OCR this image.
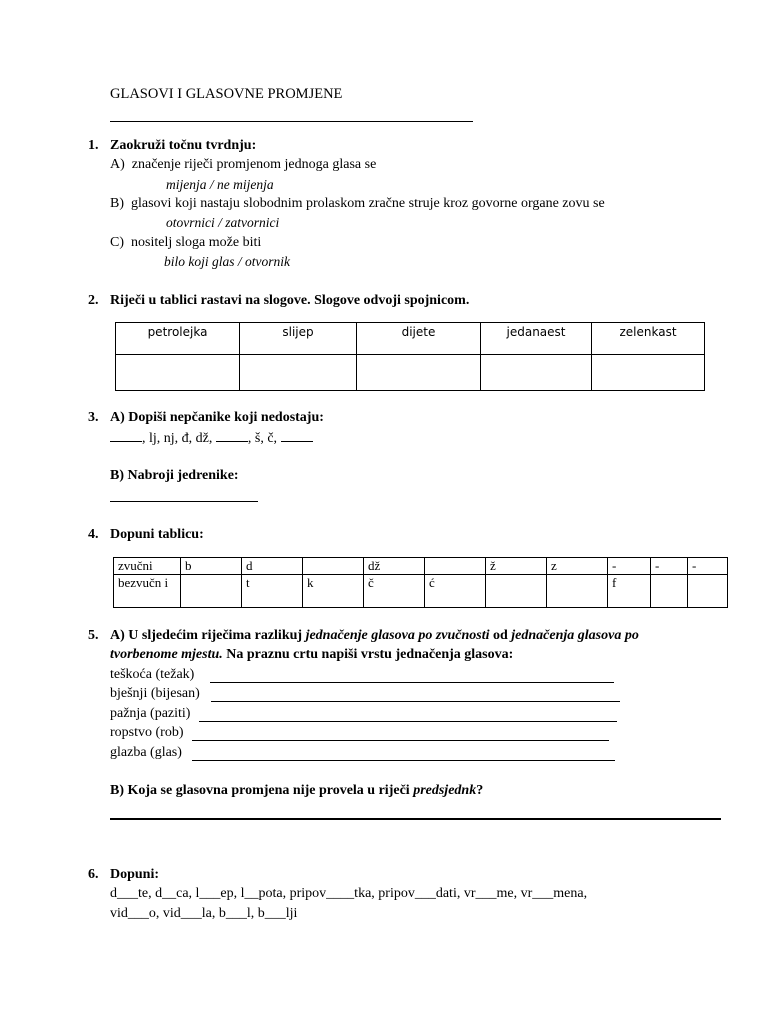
GLASOVI I GLASOVNE PROMJENE
1. Zaokruži točnu tvrdnju:
A) značenje riječi promjenom jednoga glasa se
mijenja / ne mijenja
B) glasovi koji nastaju slobodnim prolaskom zračne struje kroz govorne organe zovu se
otovrnici / zatvornici
C) nositelj sloga može biti
bilo koji glas / otvornik
2. Riječi u tablici rastavi na slogove. Slogove odvoji spojnicom.
petrolejka	slijep	dijete	jedanaest	zelenkast

3. A) Dopiši nepčanike koji nedostaju:
, lj, nj, đ, dž, , š, č,
B) Nabroji jedrenike:
4. Dopuni tablicu:
zvučni	b	d		dž		ž	z	-	-	-
bezvučn i		t	k	č	ć			f		
5. A) U sljedećim riječima razlikuj jednačenje glasova po zvučnosti od jednačenja glasova po
tvorbenome mjestu. Na praznu crtu napiši vrstu jednačenja glasova:
teškoća (težak)
bješnji (bijesan)
pažnja (paziti)
ropstvo (rob)
glazba (glas)
B) Koja se glasovna promjena nije provela u riječi predsjednk?
6. Dopuni:
d___te, d__ca, l___ep, l__pota, pripov____tka, pripov___dati, vr___me, vr___mena,
vid___o, vid___la, b___l, b___lji
